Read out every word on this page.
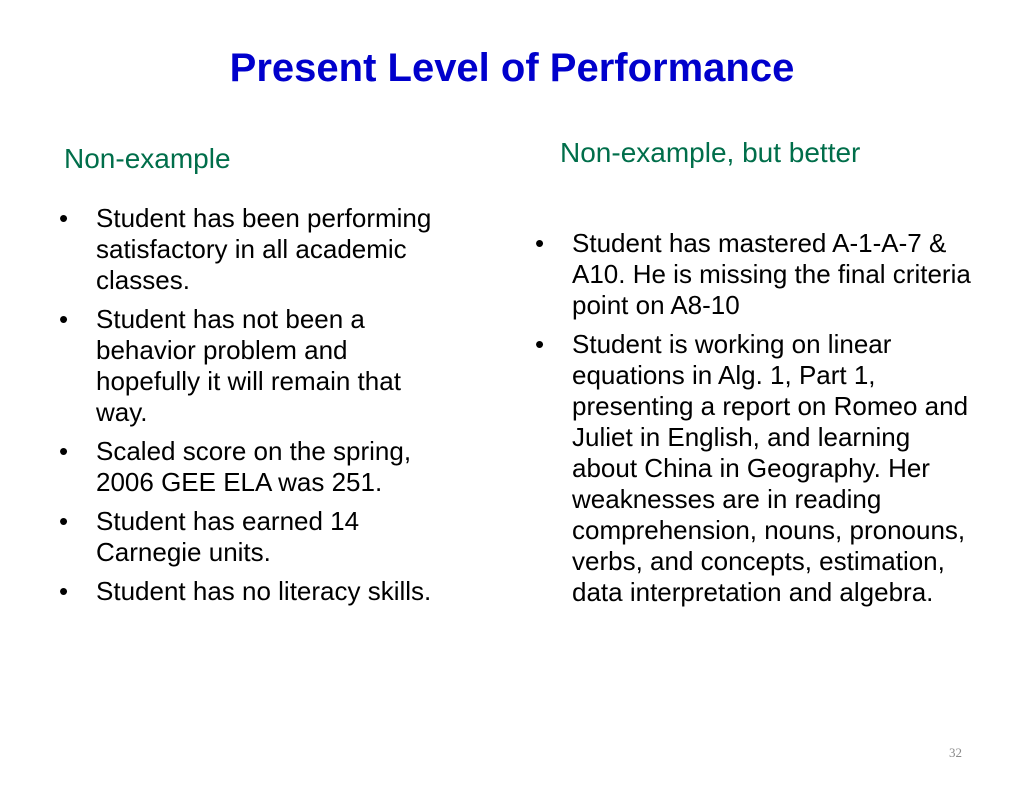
Present Level of Performance
Non-example
• Student has been performing satisfactory in all academic classes.
• Student has not been a behavior problem and hopefully it will remain that way.
• Scaled score on the spring, 2006 GEE ELA was 251.
• Student has earned 14 Carnegie units.
• Student has no literacy skills.
Non-example, but better
• Student has mastered A-1-A-7 & A10. He is missing the final criteria point on A8-10
• Student is working on linear equations in Alg. 1, Part 1, presenting a report on Romeo and Juliet in English, and learning about China in Geography. Her weaknesses are in reading comprehension, nouns, pronouns, verbs, and concepts, estimation, data interpretation and algebra.
32
